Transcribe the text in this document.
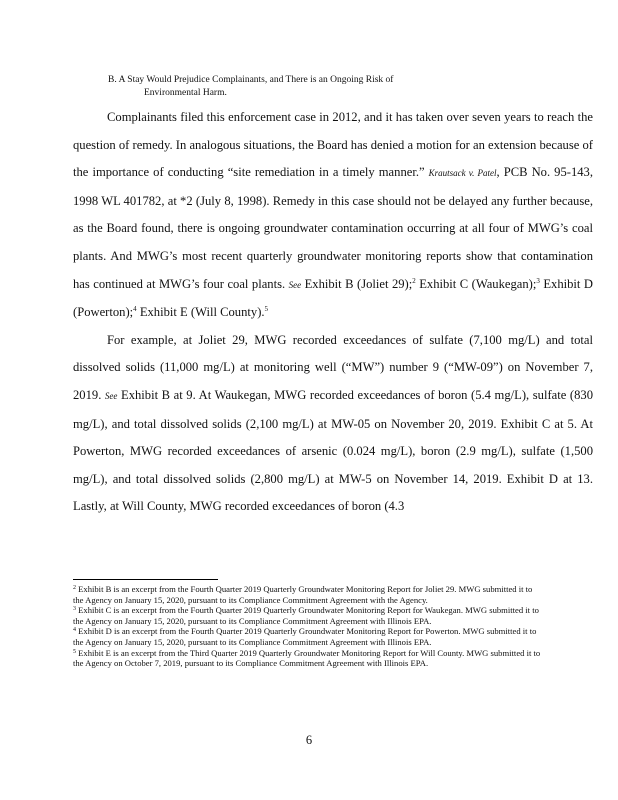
B. A Stay Would Prejudice Complainants, and There is an Ongoing Risk of
Environmental Harm.

Complainants filed this enforcement case in 2012, and it has taken over seven years to reach the question of remedy. In analogous situations, the Board has denied a motion for an extension because of the importance of conducting “site remediation in a timely manner.” Krautsack v. Patel, PCB No. 95-143, 1998 WL 401782, at *2 (July 8, 1998). Remedy in this case should not be delayed any further because, as the Board found, there is ongoing groundwater contamination occurring at all four of MWG’s coal plants. And MWG’s most recent quarterly groundwater monitoring reports show that contamination has continued at MWG’s four coal plants. See Exhibit B (Joliet 29);$^2$ Exhibit C (Waukegan);$^3$ Exhibit D (Powerton);$^4$ Exhibit E (Will County).$^5$

For example, at Joliet 29, MWG recorded exceedances of sulfate (7,100 mg/L) and total dissolved solids (11,000 mg/L) at monitoring well (“MW”) number 9 (“MW-09”) on November 7, 2019. See Exhibit B at 9. At Waukegan, MWG recorded exceedances of boron (5.4 mg/L), sulfate (830 mg/L), and total dissolved solids (2,100 mg/L) at MW-05 on November 20, 2019. Exhibit C at 5. At Powerton, MWG recorded exceedances of arsenic (0.024 mg/L), boron (2.9 mg/L), sulfate (1,500 mg/L), and total dissolved solids (2,800 mg/L) at MW-5 on November 14, 2019. Exhibit D at 13. Lastly, at Will County, MWG recorded exceedances of boron (4.3

$^2$ Exhibit B is an excerpt from the Fourth Quarter 2019 Quarterly Groundwater Monitoring Report for Joliet 29. MWG submitted it to the Agency on January 15, 2020, pursuant to its Compliance Commitment Agreement with the Agency.
$^3$ Exhibit C is an excerpt from the Fourth Quarter 2019 Quarterly Groundwater Monitoring Report for Waukegan. MWG submitted it to the Agency on January 15, 2020, pursuant to its Compliance Commitment Agreement with Illinois EPA.
$^4$ Exhibit D is an excerpt from the Fourth Quarter 2019 Quarterly Groundwater Monitoring Report for Powerton. MWG submitted it to the Agency on January 15, 2020, pursuant to its Compliance Commitment Agreement with Illinois EPA.
$^5$ Exhibit E is an excerpt from the Third Quarter 2019 Quarterly Groundwater Monitoring Report for Will County. MWG submitted it to the Agency on October 7, 2019, pursuant to its Compliance Commitment Agreement with Illinois EPA.
6
